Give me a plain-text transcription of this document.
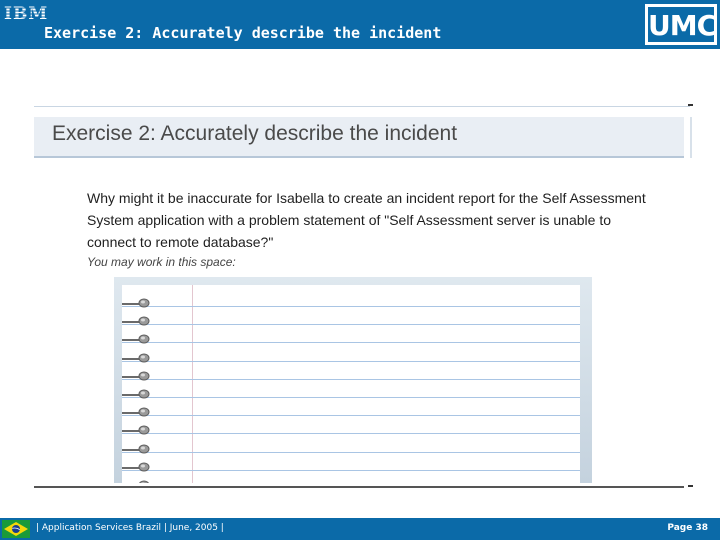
IBM
Exercise 2: Accurately describe the incident	UMC
Exercise 2: Accurately describe the incident
Why might it be inaccurate for Isabella to create an incident report for the Self Assessment System application with a problem statement of "Self Assessment server is unable to connect to remote database?"
You may work in this space:
| Application Services Brazil | June, 2005 |	Page 38
